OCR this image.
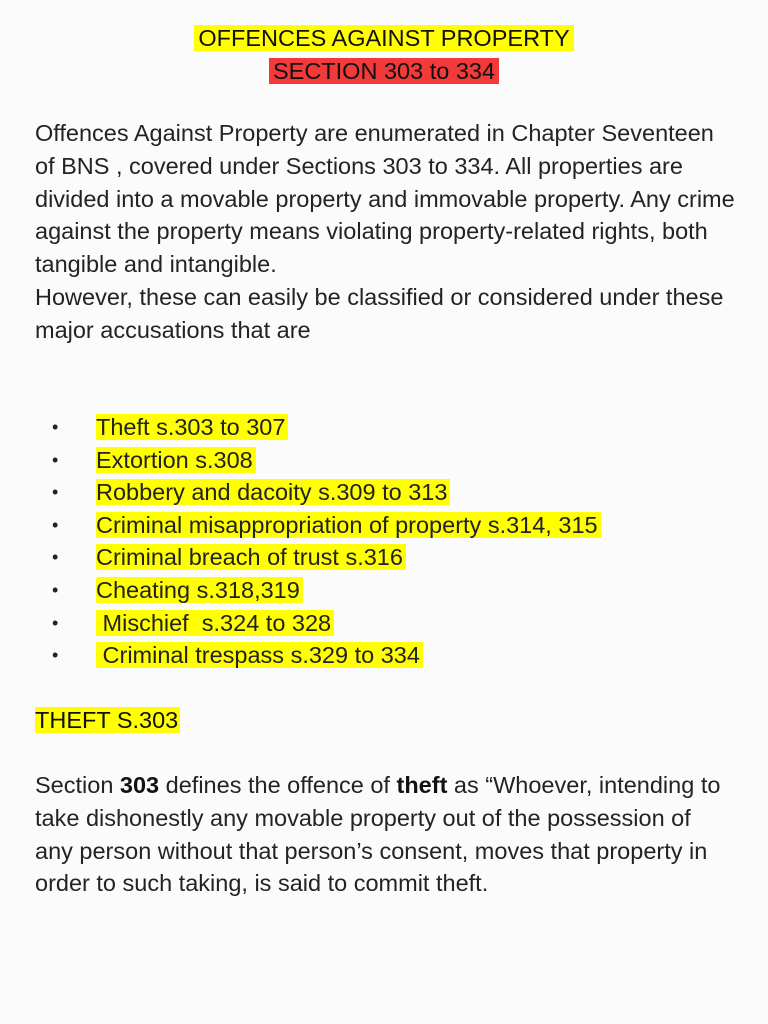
OFFENCES AGAINST PROPERTY
SECTION 303 to 334

Offences Against Property are enumerated in Chapter Seventeen of BNS , covered under Sections 303 to 334. All properties are divided into a movable property and immovable property. Any crime against the property means violating property-related rights, both tangible and intangible.

However, these can easily be classified or considered under these major accusations that are

• Theft s.303 to 307
• Extortion s.308
• Robbery and dacoity s.309 to 313
• Criminal misappropriation of property s.314, 315
• Criminal breach of trust s.316
• Cheating s.318,319
• Mischief  s.324 to 328
• Criminal trespass s.329 to 334
THEFT S.303
Section 303 defines the offence of theft as “Whoever, intending to take dishonestly any movable property out of the possession of any person without that person’s consent, moves that property in order to such taking, is said to commit theft.
